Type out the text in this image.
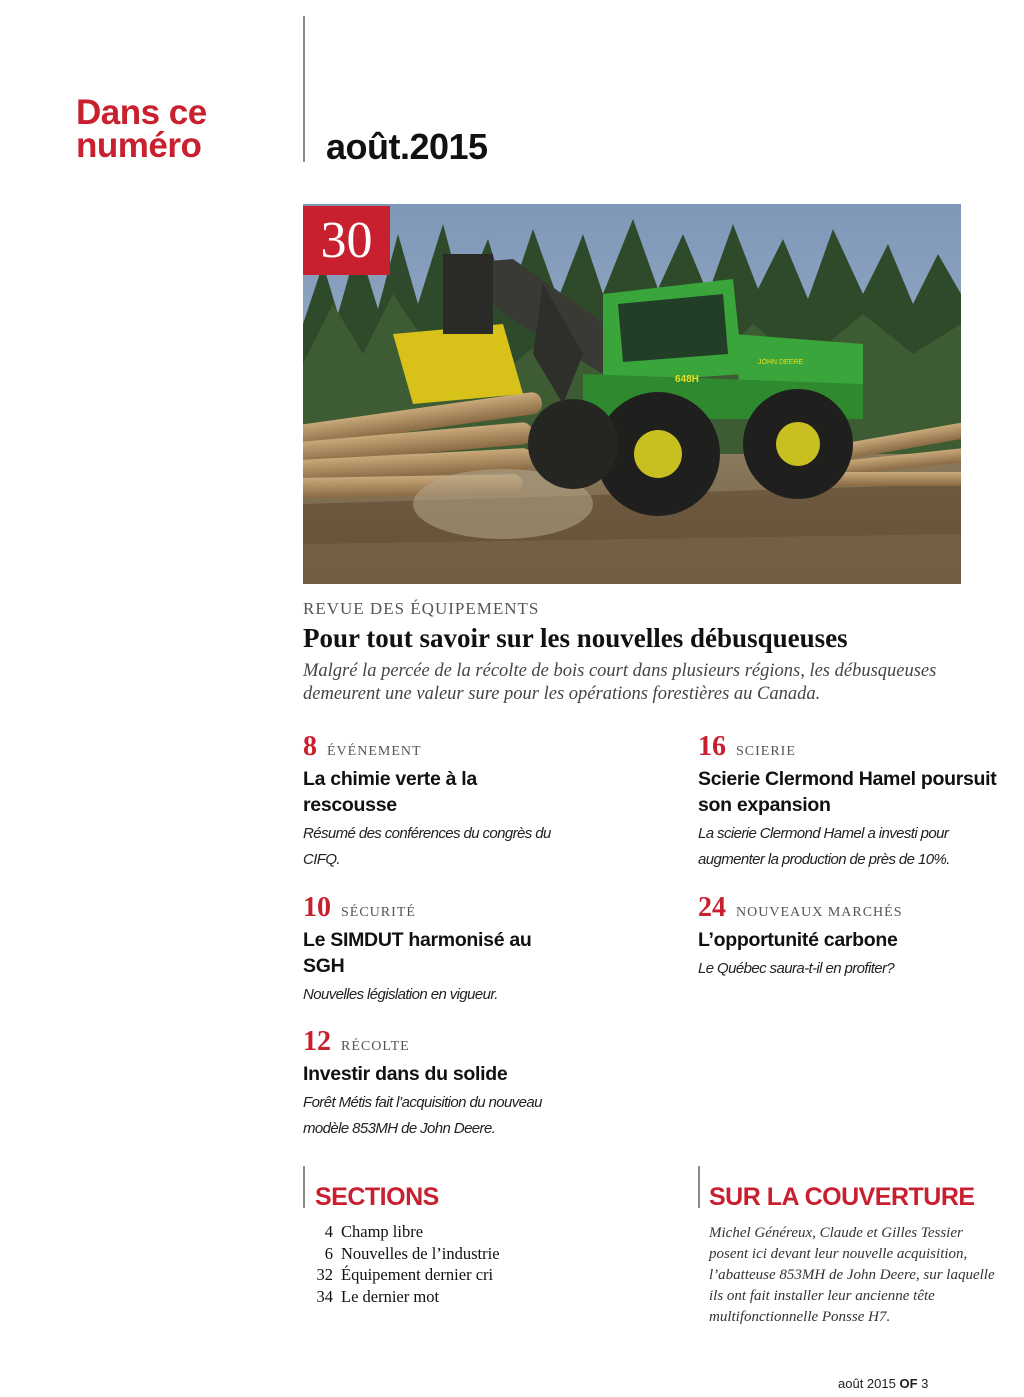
Dans ce numéro	août.2015
648H
JOHN DEERE
30
REVUE DES ÉQUIPEMENTS
Pour tout savoir sur les nouvelles débusqueuses
Malgré la percée de la récolte de bois court dans plusieurs régions, les débusqueuses demeurent une valeur sure pour les opérations forestières au Canada.
8 ÉVÉNEMENT
La chimie verte à la rescousse
Résumé des conférences du congrès du CIFQ.
10 SÉCURITÉ
Le SIMDUT harmonisé au SGH
Nouvelles législation en vigueur.
12 RÉCOLTE
Investir dans du solide
Forêt Métis fait l’acquisition du nouveau modèle 853MH de John Deere.
16 SCIERIE
Scierie Clermond Hamel poursuit son expansion
La scierie Clermond Hamel a investi pour augmenter la production de près de 10%.
24 NOUVEAUX MARCHÉS
L’opportunité carbone
Le Québec saura-t-il en profiter?
SECTIONS
4 Champ libre
6 Nouvelles de l’industrie
32 Équipement dernier cri
34 Le dernier mot
SUR LA COUVERTURE
Michel Généreux, Claude et Gilles Tessier posent ici devant leur nouvelle acquisition, l’abatteuse 853MH de John Deere, sur laquelle ils ont fait installer leur ancienne tête multifonctionnelle Ponsse H7.
août 2015 OF 3
